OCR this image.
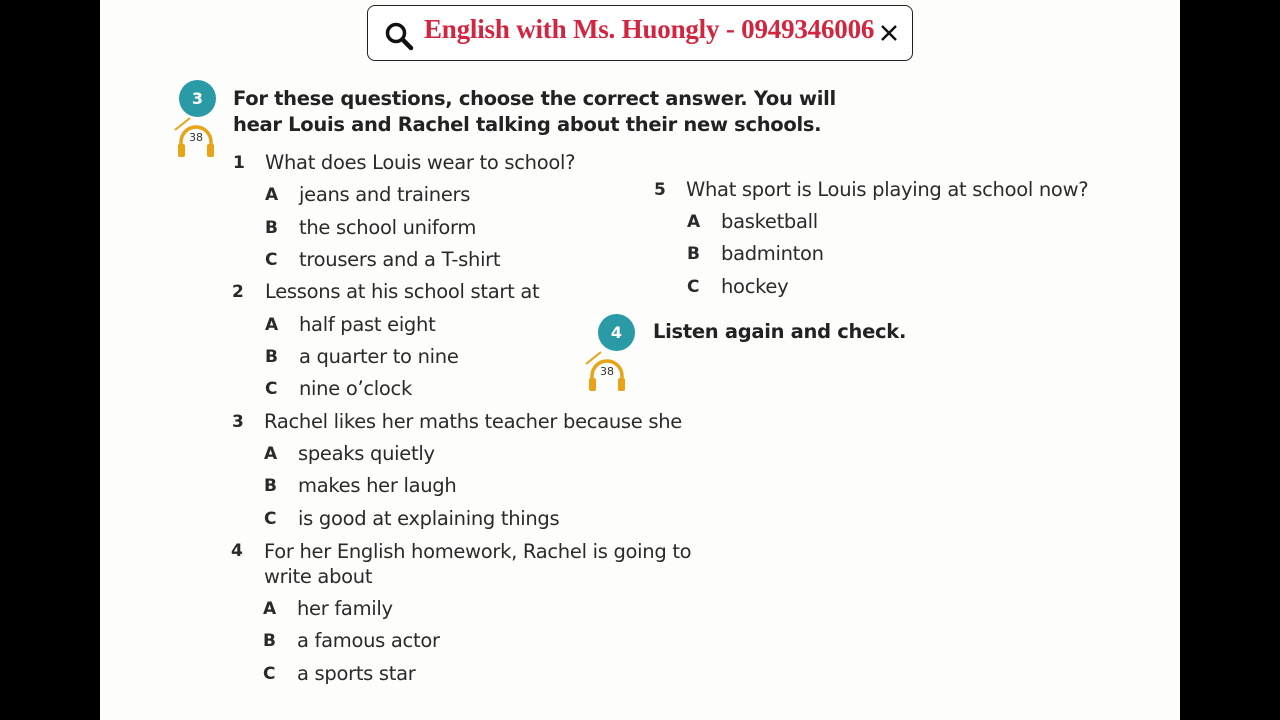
English with Ms. Huongly - 0949346006
3
38
For these questions, choose the correct answer. You will
hear Louis and Rachel talking about their new schools.
1 What does Louis wear to school?
A jeans and trainers
B the school uniform
C trousers and a T-shirt
2 Lessons at his school start at
A half past eight
B a quarter to nine
C nine o’clock
3 Rachel likes her maths teacher because she
A speaks quietly
B makes her laugh
C is good at explaining things
4 For her English homework, Rachel is going to
write about
A her family
B a famous actor
C a sports star
5 What sport is Louis playing at school now?
A basketball
B badminton
C hockey
4
38
Listen again and check.
